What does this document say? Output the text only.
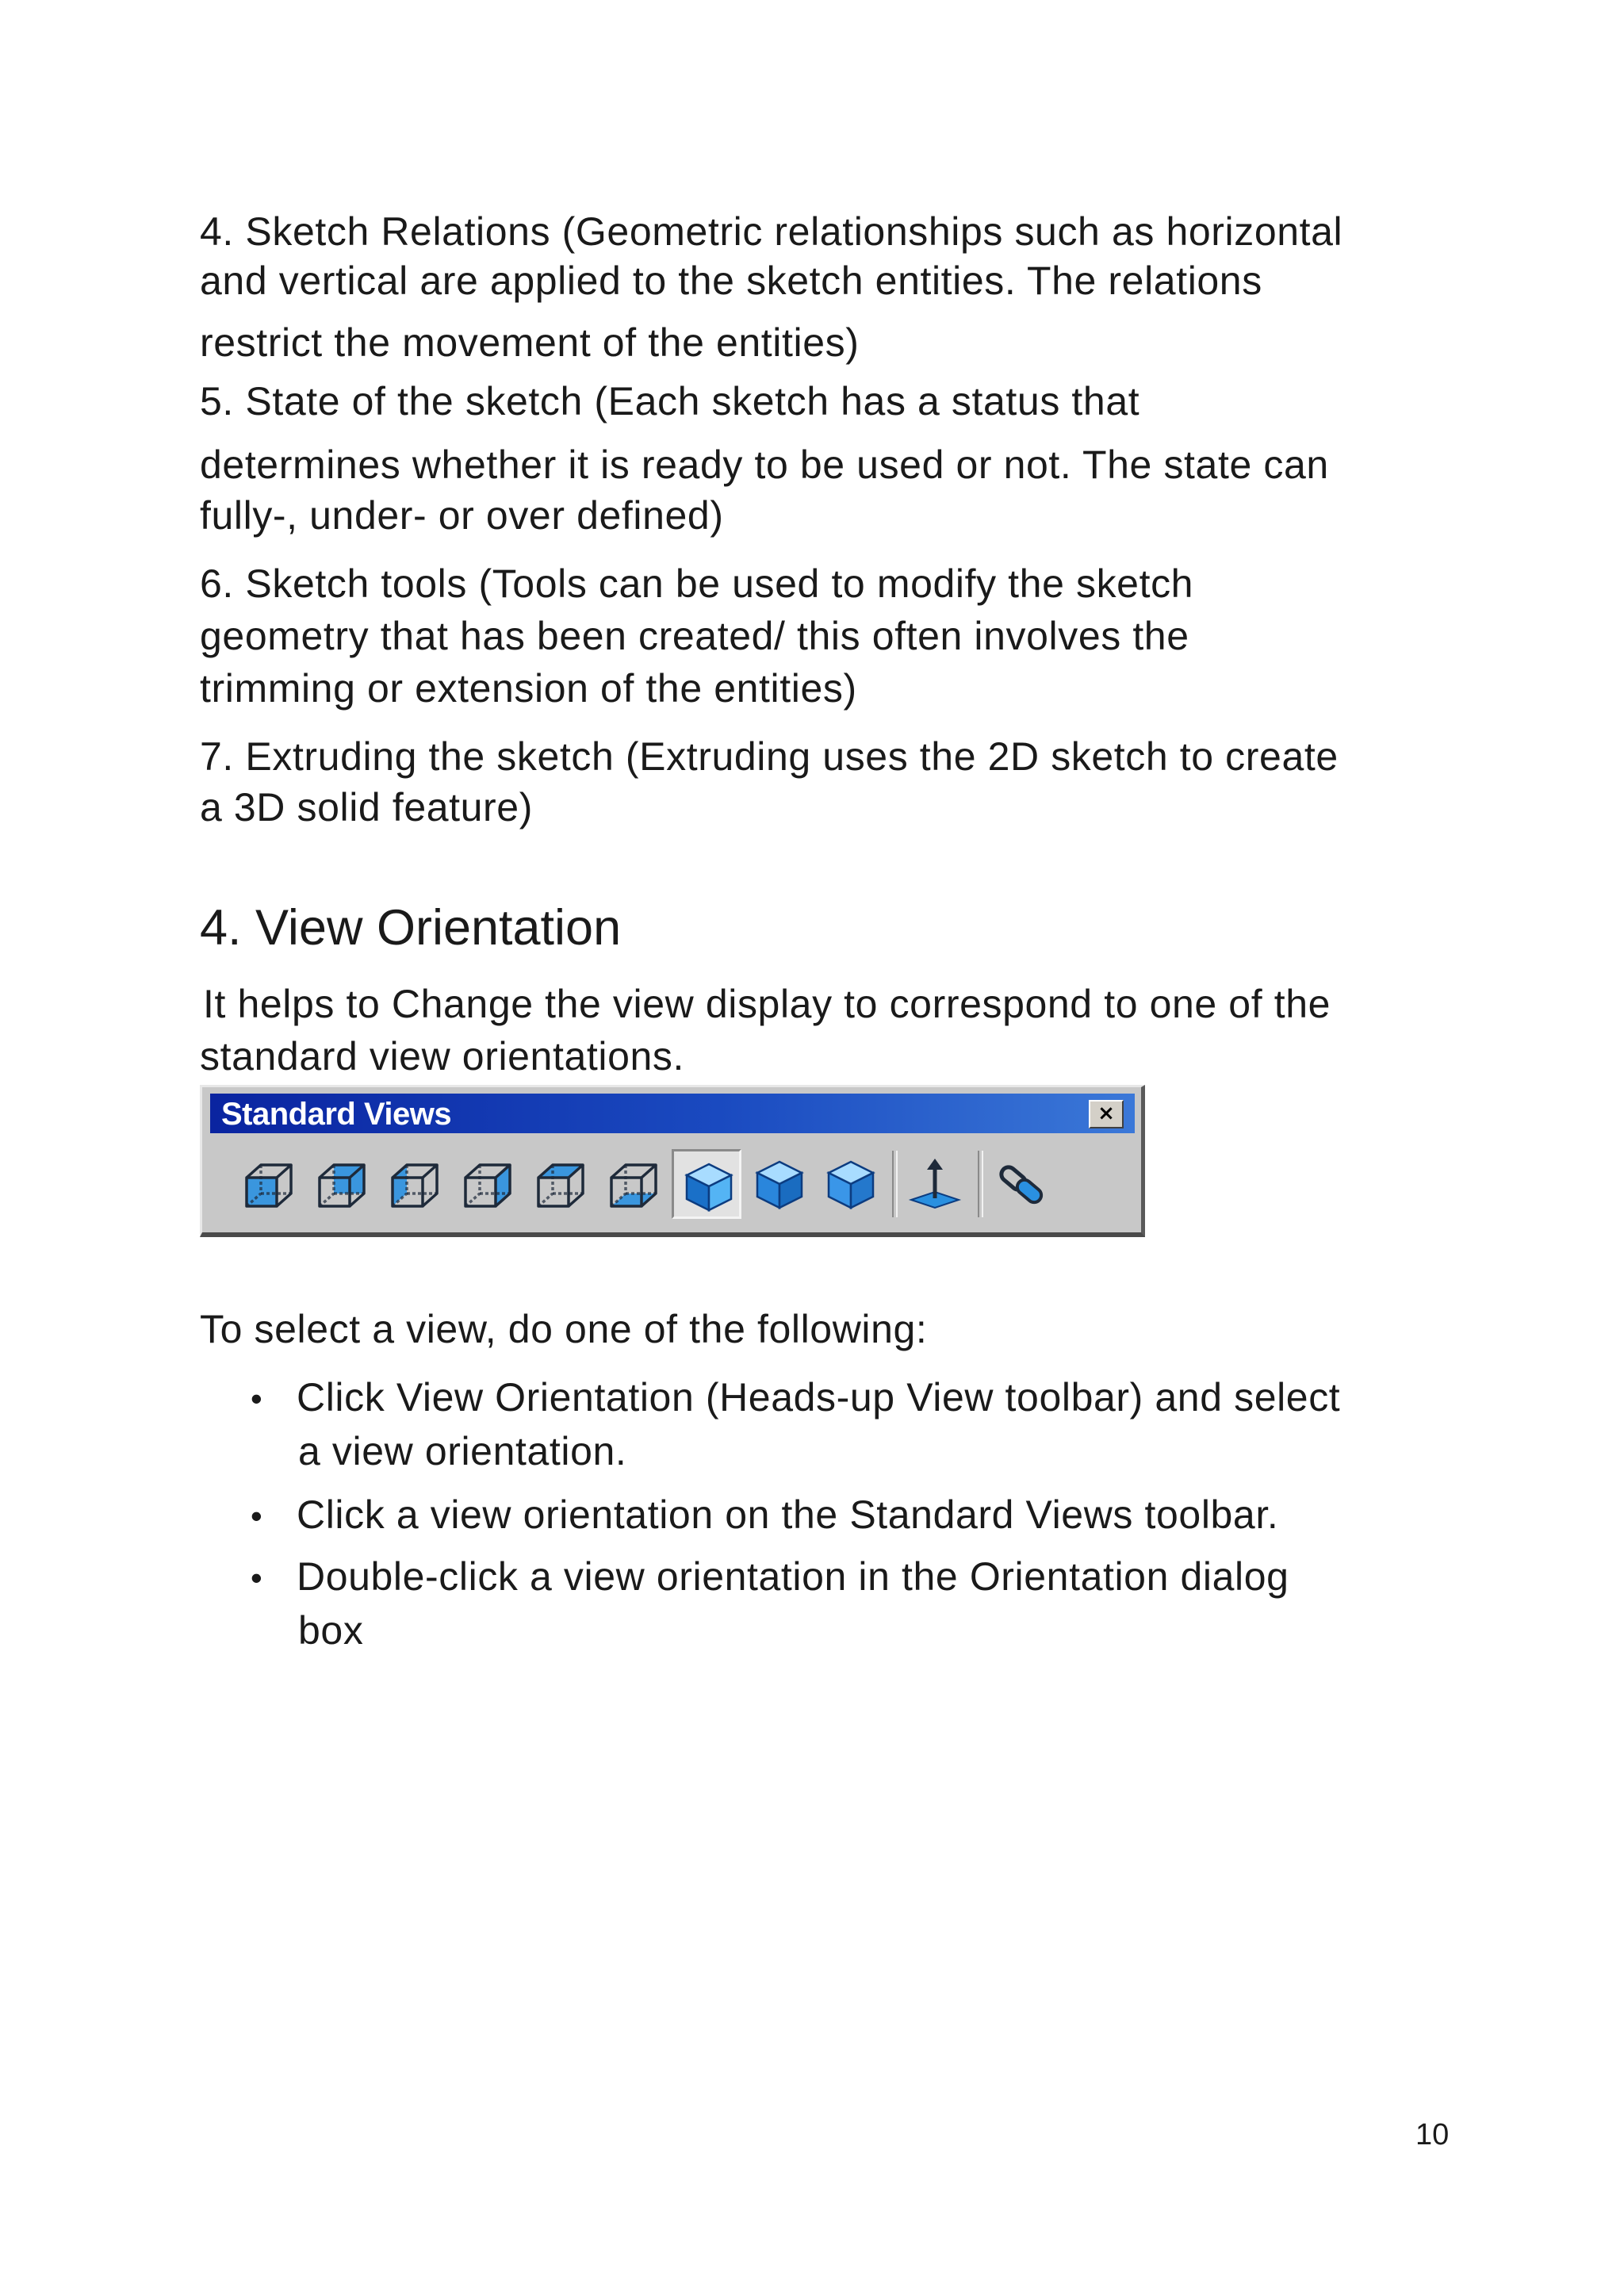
4. Sketch Relations (Geometric relationships such as horizontal
and vertical are applied to the sketch entities. The relations
restrict the movement of the entities)
5. State of the sketch (Each sketch has a status that
determines whether it is ready to be used or not. The state can
fully-, under- or over defined)
6. Sketch tools (Tools can be used to modify the sketch
geometry that has been created/ this often involves the
trimming or extension of the entities)
7. Extruding the sketch (Extruding uses the 2D sketch to create
a 3D solid feature)
4. View Orientation
It helps to Change the view display to correspond to one of the
standard view orientations.
Standard Views	×
To select a view, do one of the following:
• Click View Orientation (Heads-up View toolbar) and select
a view orientation.
• Click a view orientation on the Standard Views toolbar.
• Double-click a view orientation in the Orientation dialog
box
10
